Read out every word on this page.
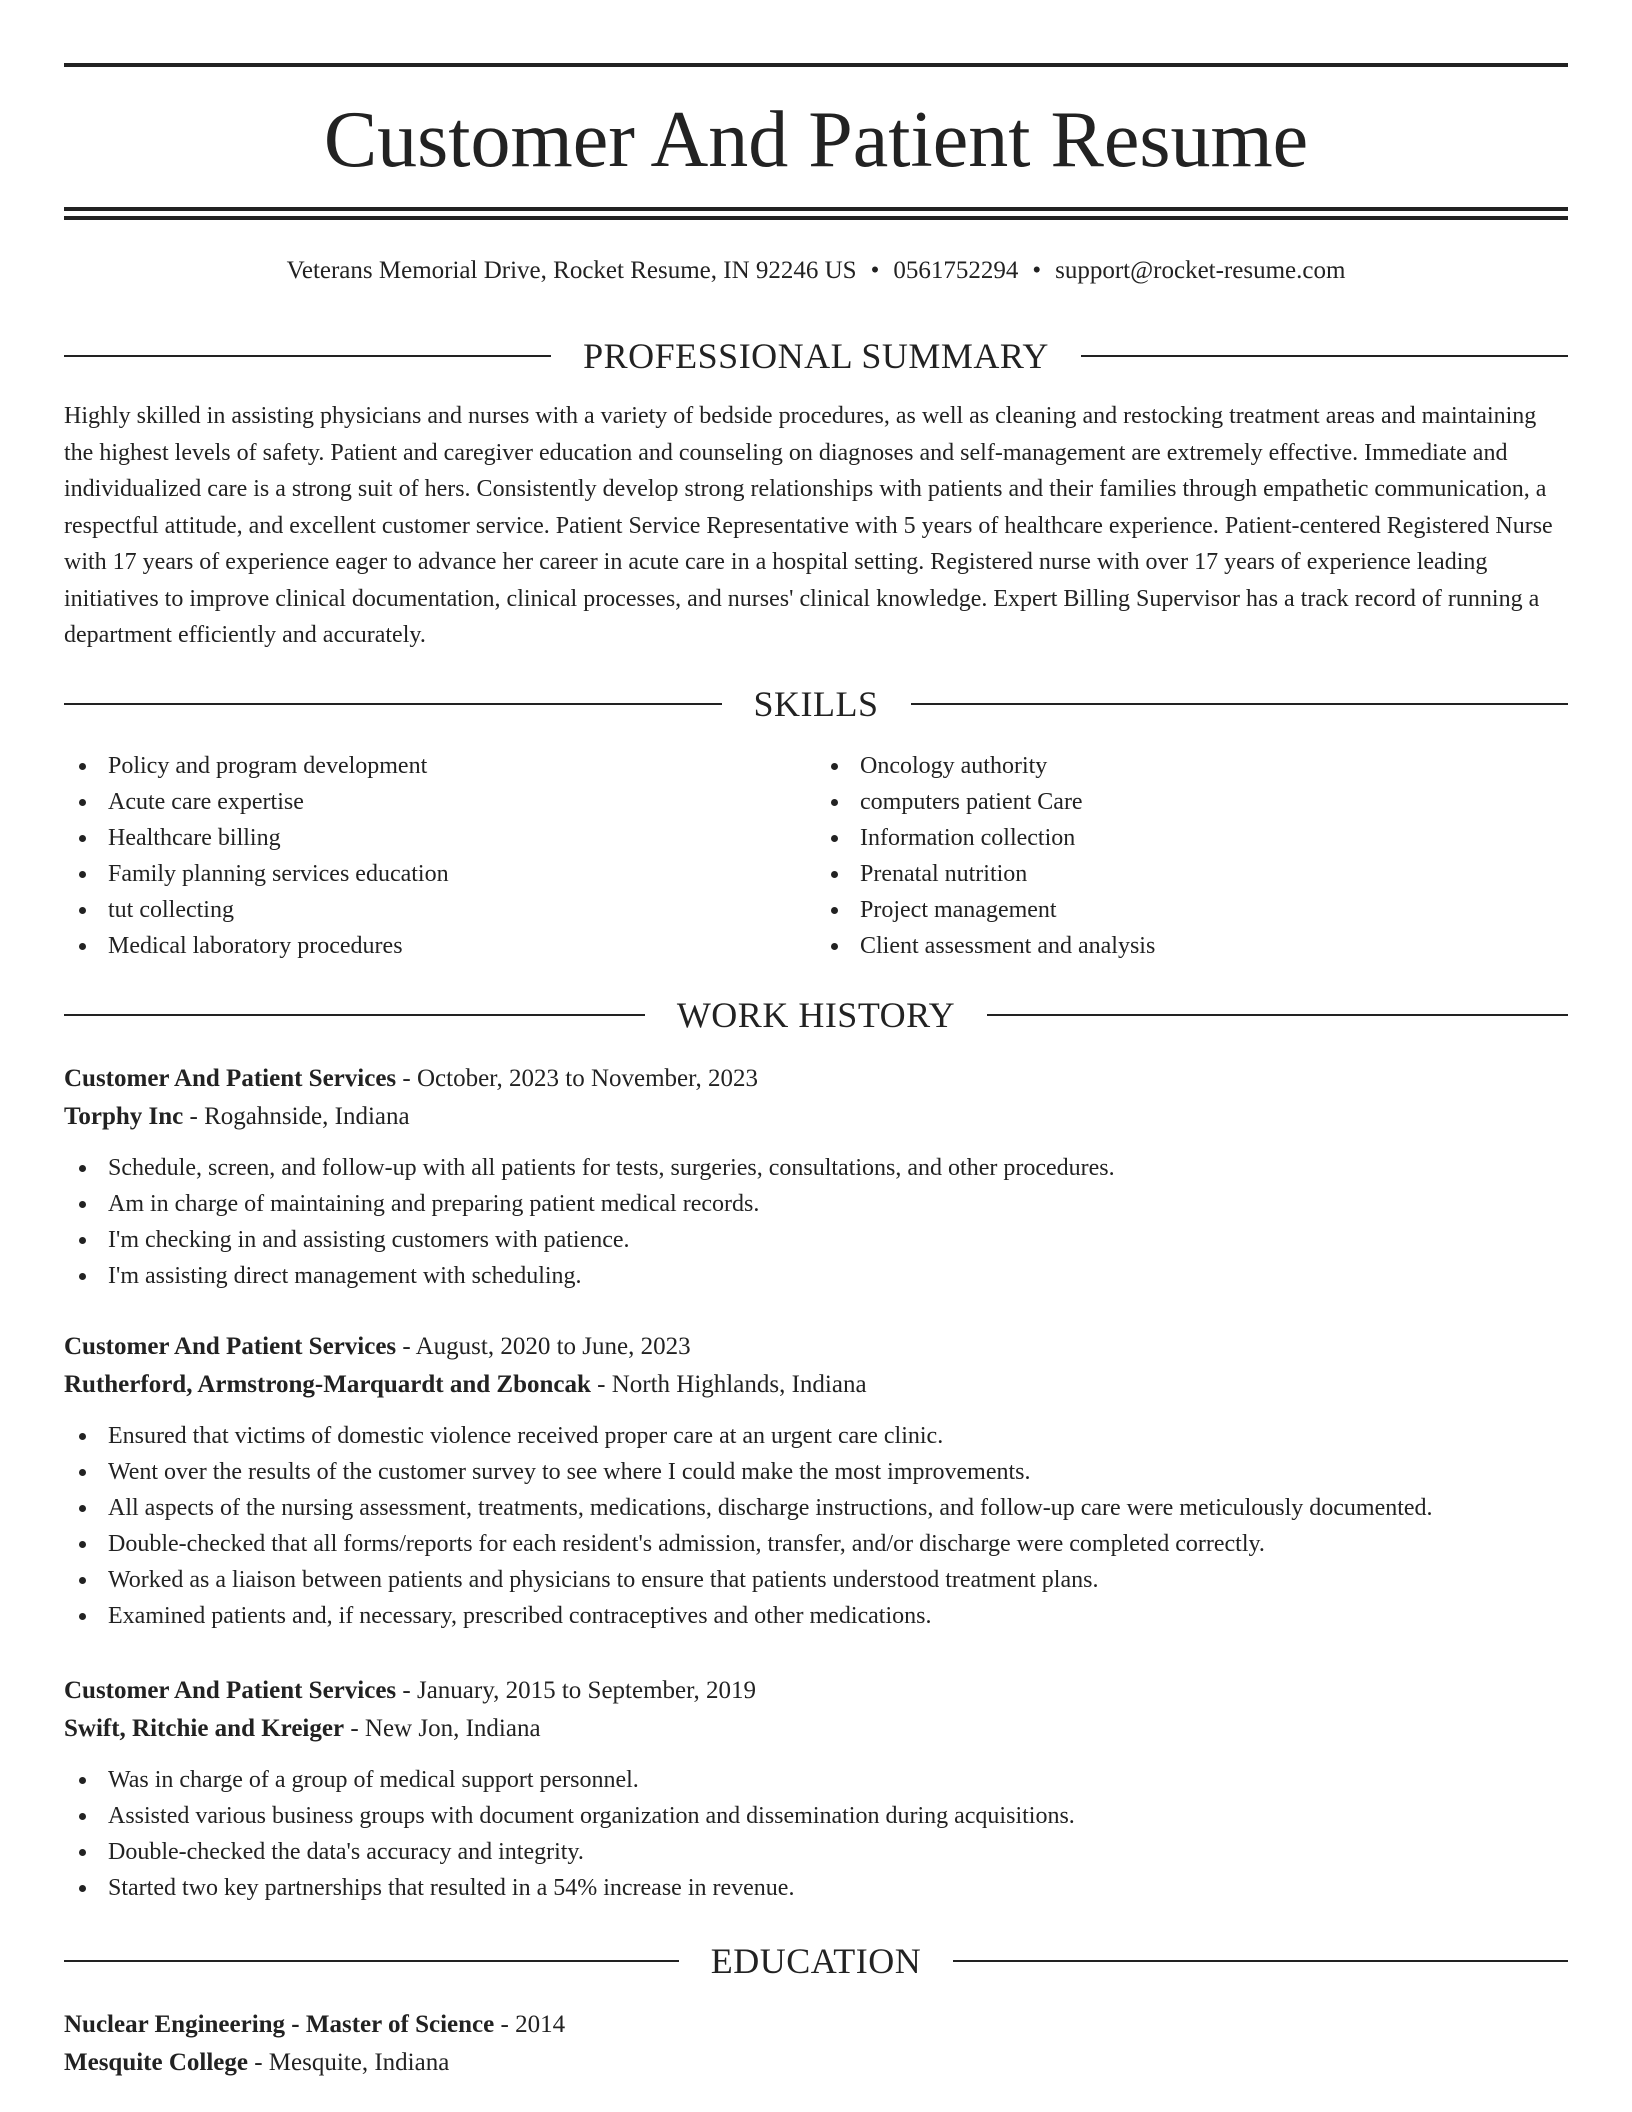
Customer And Patient Resume
Veterans Memorial Drive, Rocket Resume, IN 92246 US • 0561752294 • support@rocket-resume.com
PROFESSIONAL SUMMARY

Highly skilled in assisting physicians and nurses with a variety of bedside procedures, as well as cleaning and restocking treatment areas and maintaining the highest levels of safety. Patient and caregiver education and counseling on diagnoses and self-management are extremely effective. Immediate and individualized care is a strong suit of hers. Consistently develop strong relationships with patients and their families through empathetic communication, a respectful attitude, and excellent customer service. Patient Service Representative with 5 years of healthcare experience. Patient-centered Registered Nurse with 17 years of experience eager to advance her career in acute care in a hospital setting. Registered nurse with over 17 years of experience leading initiatives to improve clinical documentation, clinical processes, and nurses' clinical knowledge. Expert Billing Supervisor has a track record of running a department efficiently and accurately.

SKILLS
Policy and program development
Acute care expertise
Healthcare billing
Family planning services education
tut collecting
Medical laboratory procedures
Oncology authority
computers patient Care
Information collection
Prenatal nutrition
Project management
Client assessment and analysis
WORK HISTORY
Customer And Patient Services - October, 2023 to November, 2023
Torphy Inc - Rogahnside, Indiana
Schedule, screen, and follow-up with all patients for tests, surgeries, consultations, and other procedures.
Am in charge of maintaining and preparing patient medical records.
I'm checking in and assisting customers with patience.
I'm assisting direct management with scheduling.
Customer And Patient Services - August, 2020 to June, 2023
Rutherford, Armstrong-Marquardt and Zboncak - North Highlands, Indiana
Ensured that victims of domestic violence received proper care at an urgent care clinic.
Went over the results of the customer survey to see where I could make the most improvements.
All aspects of the nursing assessment, treatments, medications, discharge instructions, and follow-up care were meticulously documented.
Double-checked that all forms/reports for each resident's admission, transfer, and/or discharge were completed correctly.
Worked as a liaison between patients and physicians to ensure that patients understood treatment plans.
Examined patients and, if necessary, prescribed contraceptives and other medications.
Customer And Patient Services - January, 2015 to September, 2019
Swift, Ritchie and Kreiger - New Jon, Indiana
Was in charge of a group of medical support personnel.
Assisted various business groups with document organization and dissemination during acquisitions.
Double-checked the data's accuracy and integrity.
Started two key partnerships that resulted in a 54% increase in revenue.
EDUCATION
Nuclear Engineering - Master of Science - 2014
Mesquite College - Mesquite, Indiana
